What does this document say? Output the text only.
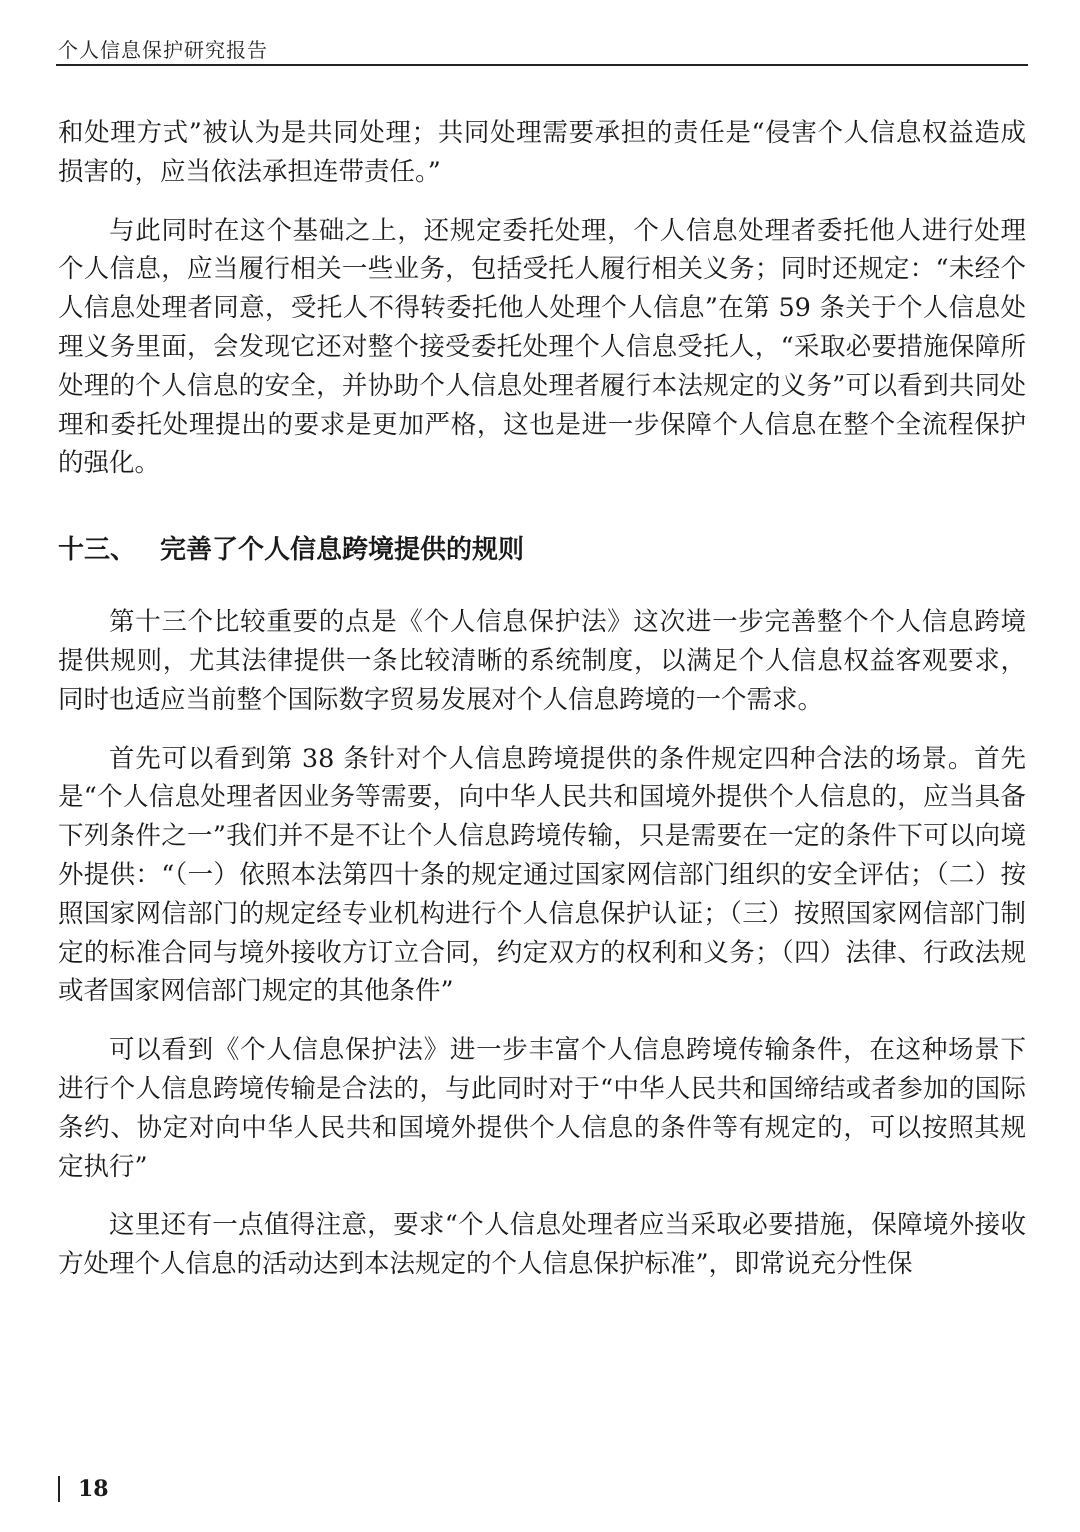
个人信息保护研究报告

和处理方式”被认为是共同处理；共同处理需要承担的责任是“侵害个人信息权益造成损害的，应当依法承担连带责任。”

与此同时在这个基础之上，还规定委托处理，个人信息处理者委托他人进行处理个人信息，应当履行相关一些业务，包括受托人履行相关义务；同时还规定：“未经个人信息处理者同意，受托人不得转委托他人处理个人信息”在第 59 条关于个人信息处理义务里面，会发现它还对整个接受委托处理个人信息受托人，“采取必要措施保障所处理的个人信息的安全，并协助个人信息处理者履行本法规定的义务”可以看到共同处理和委托处理提出的要求是更加严格，这也是进一步保障个人信息在整个全流程保护的强化。

十三、 完善了个人信息跨境提供的规则

第十三个比较重要的点是《个人信息保护法》这次进一步完善整个个人信息跨境提供规则，尤其法律提供一条比较清晰的系统制度，以满足个人信息权益客观要求，同时也适应当前整个国际数字贸易发展对个人信息跨境的一个需求。

首先可以看到第 38 条针对个人信息跨境提供的条件规定四种合法的场景。首先是“个人信息处理者因业务等需要，向中华人民共和国境外提供个人信息的，应当具备下列条件之一”我们并不是不让个人信息跨境传输，只是需要在一定的条件下可以向境外提供：“（一）依照本法第四十条的规定通过国家网信部门组织的安全评估；（二）按照国家网信部门的规定经专业机构进行个人信息保护认证；（三）按照国家网信部门制定的标准合同与境外接收方订立合同，约定双方的权利和义务；（四）法律、行政法规或者国家网信部门规定的其他条件”

可以看到《个人信息保护法》进一步丰富个人信息跨境传输条件，在这种场景下进行个人信息跨境传输是合法的，与此同时对于“中华人民共和国缔结或者参加的国际条约、协定对向中华人民共和国境外提供个人信息的条件等有规定的，可以按照其规定执行”

这里还有一点值得注意，要求“个人信息处理者应当采取必要措施，保障境外接收方处理个人信息的活动达到本法规定的个人信息保护标准”，即常说充分性保

18
